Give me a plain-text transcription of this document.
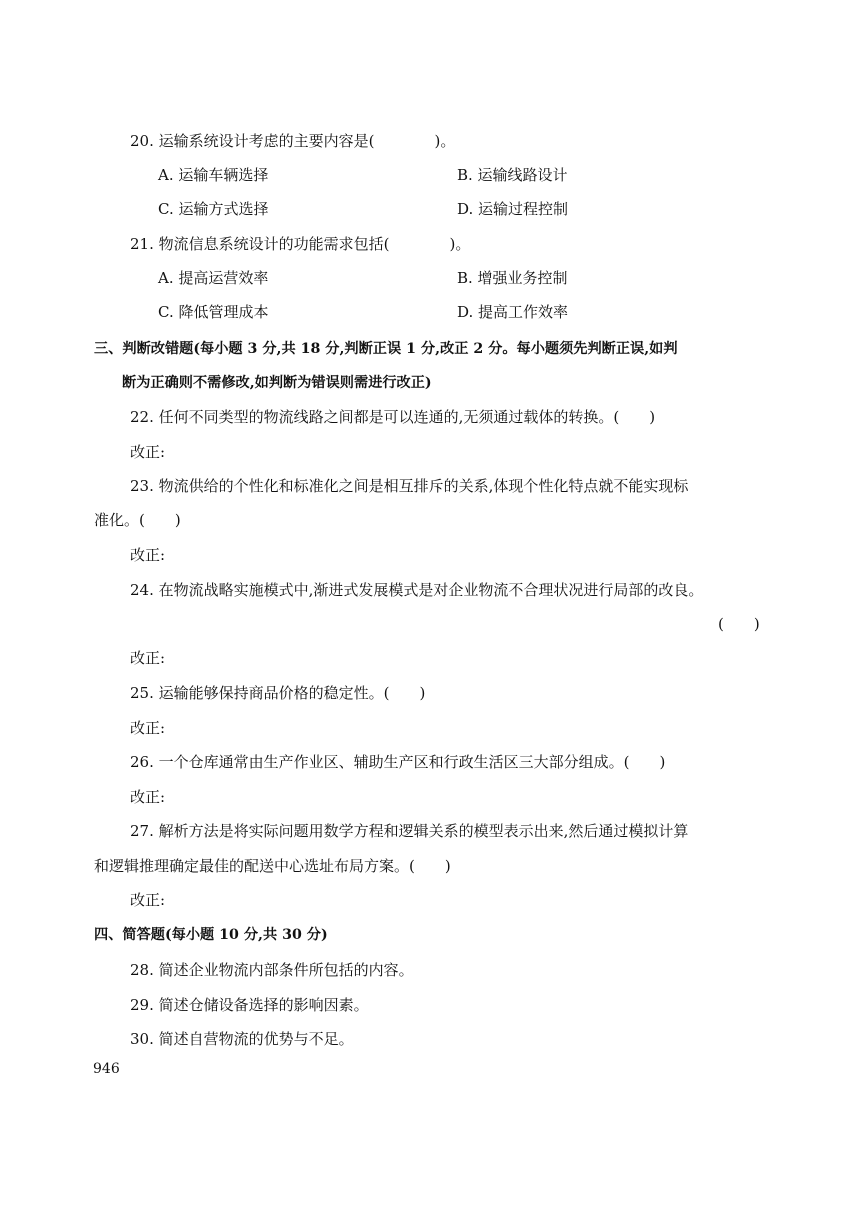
20. 运输系统设计考虑的主要内容是(　　　　)。
A. 运输车辆选择	B. 运输线路设计
C. 运输方式选择	D. 运输过程控制
21. 物流信息系统设计的功能需求包括(　　　　)。
A. 提高运营效率	B. 增强业务控制
C. 降低管理成本	D. 提高工作效率
三、判断改错题(每小题 3 分,共 18 分,判断正误 1 分,改正 2 分。每小题须先判断正误,如判
断为正确则不需修改,如判断为错误则需进行改正)
22. 任何不同类型的物流线路之间都是可以连通的,无须通过载体的转换。(　　)
改正:
23. 物流供给的个性化和标准化之间是相互排斥的关系,体现个性化特点就不能实现标
准化。(　　)
改正:
24. 在物流战略实施模式中,渐进式发展模式是对企业物流不合理状况进行局部的改良。
(　　)
改正:
25. 运输能够保持商品价格的稳定性。(　　)
改正:
26. 一个仓库通常由生产作业区、辅助生产区和行政生活区三大部分组成。(　　)
改正:
27. 解析方法是将实际问题用数学方程和逻辑关系的模型表示出来,然后通过模拟计算
和逻辑推理确定最佳的配送中心选址布局方案。(　　)
改正:
四、简答题(每小题 10 分,共 30 分)
28. 简述企业物流内部条件所包括的内容。
29. 简述仓储设备选择的影响因素。
30. 简述自营物流的优势与不足。
946
